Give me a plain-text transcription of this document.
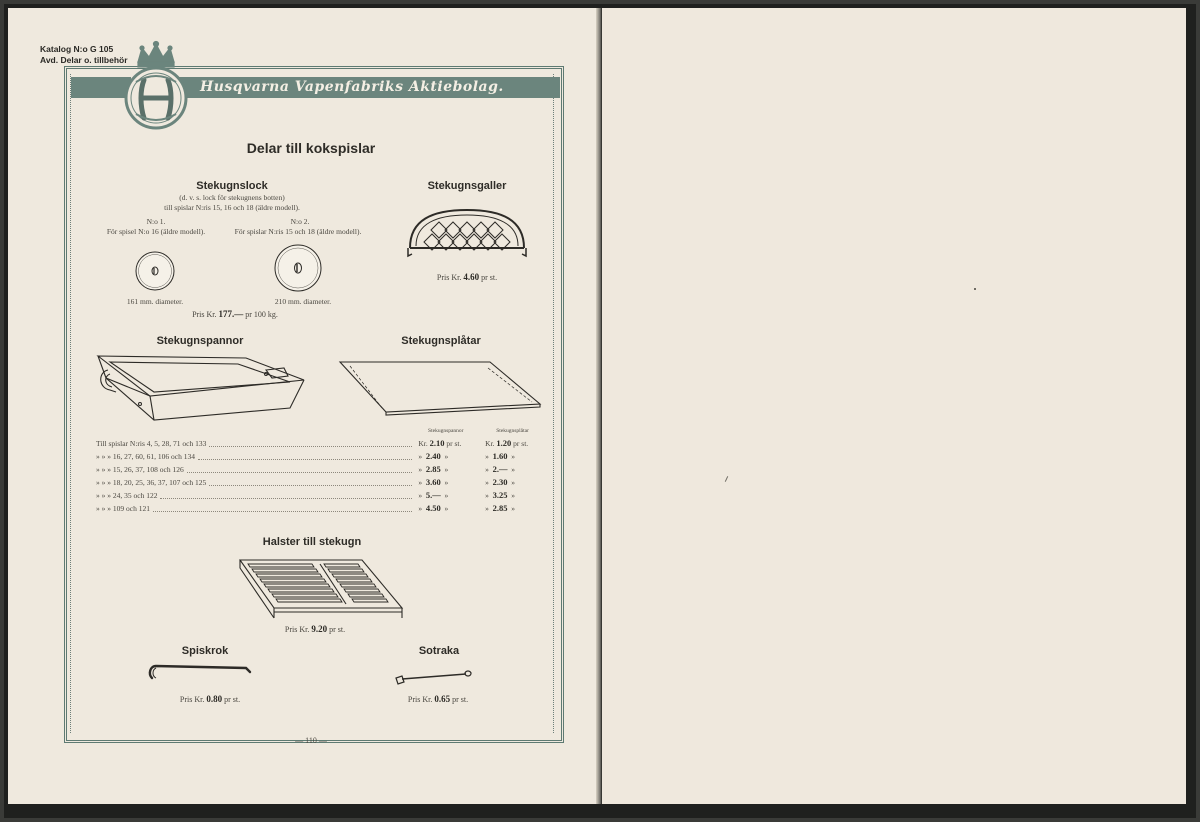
Katalog N:o G 105
Avd. Delar o. tillbehör
Husqvarna Vapenfabriks Aktiebolag.
Delar till kokspislar
Stekugnslock
(d. v. s. lock för stekugnens botten)
till spislar N:ris 15, 16 och 18 (äldre modell).
N:o 1.
För spisel N:o 16 (äldre modell).
N:o 2.
För spislar N:ris 15 och 18 (äldre modell).
161 mm. diameter.	210 mm. diameter.
Pris Kr. 177.— pr 100 kg.
Stekugnsgaller
Pris Kr. 4.60 pr st.
Stekugnspannor	Stekugnsplåtar
	Stekugnspannor	Stekugnsplåtar

Till spislar N:ris 4, 5, 28, 71 och 133	Kr. 2.10 pr st.	Kr. 1.20 pr st.

» » » 16, 27, 60, 61, 106 och 134	» 2.40 »	» 1.60 »

» » » 15, 26, 37, 108 och 126	» 2.85 »	» 2.— »

» » » 18, 20, 25, 36, 37, 107 och 125	» 3.60 »	» 2.30 »

» » » 24, 35 och 122	» 5.— »	» 3.25 »

» » » 109 och 121	» 4.50 »	» 2.85 »
Halster till stekugn
Pris Kr. 9.20 pr st.
Spiskrok	Sotraka
Pris Kr. 0.80 pr st.	Pris Kr. 0.65 pr st.
— 110 —
